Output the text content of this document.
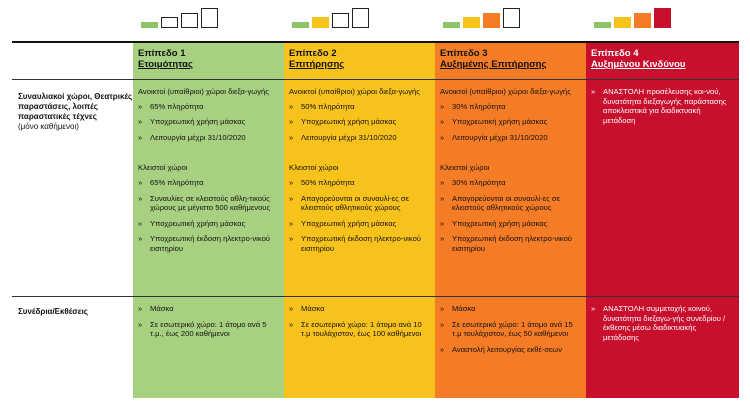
Επίπεδο 1
Ετοιμότητας
Επίπεδο 2
Επιτήρησης
Επίπεδο 3
Αυξημένης Επιτήρησης
Επίπεδο 4
Αυξημένου Κινδύνου
Συναυλιακοί χώροι, Θεατρικές παραστάσεις, λοιπές παραστατικές τέχνες
(μόνο καθήμενοι)

Ανοικτοί (υπαίθριοι) χώροι διεξα-γωγής

» 65% πληρότητα
» Υποχρεωτική χρήση μάσκας
» Λειτουργία μέχρι 31/10/2020

Κλειστοί χώροι

» 65% πληρότητα
» Συναυλίες σε κλειστούς αθλη-τικούς χώρους με μέγιστο 500 καθήμενους
» Υποχρεωτική χρήση μάσκας
» Υποχρεωτική έκδοση ηλεκτρο-νικού εισιτηρίου

Ανοικτοί (υπαίθριοι) χώροι διεξα-γωγής

» 50% πληρότητα
» Υποχρεωτική χρήση μάσκας
» Λειτουργία μέχρι 31/10/2020

Κλειστοί χώροι

» 50% πληρότητα
» Απαγορεύονται οι συναυλί-ες σε κλειστούς αθλητικούς χώρους
» Υποχρεωτική χρήση μάσκας
» Υποχρεωτική έκδοση ηλεκτρο-νικού εισιτηρίου

Ανοικτοί (υπαίθριοι) χώροι διεξα-γωγής

» 30% πληρότητα
» Υποχρεωτική χρήση μάσκας
» Λειτουργία μέχρι 31/10/2020

Κλειστοί χώροι

» 30% πληρότητα
» Απαγορεύονται οι συναυλί-ες σε κλειστούς αθλητικούς χώρους
» Υποχρεωτική χρήση μάσκας
» Υποχρεωτική έκδοση ηλεκτρο-νικού εισιτηρίου
» ΑΝΑΣΤΟΛΗ προσέλευσης κοι-νού, δυνατότητα διεξαγωγής παράστασης αποκλειστικά για διαδικτυακή μετάδοση
Συνέδρια/Εκθέσεις
»	Μάσκα
» Σε εσωτερικό χώρο: 1 άτομο ανά 5 τ.μ., έως 200 καθήμενοι
» Μάσκα
» Σε εσωτερικό χώρο: 1 άτομο ανά 10 τ.μ τουλάχιστον, έως 100 καθήμενοι
» Μάσκα
» Σε εσωτερικό χώρο: 1 άτομο ανά 15 τ.μ τουλάχιστον, έως 50 καθήμενοι
» Αναστολή λειτουργίας εκθέ-σεων
» ΑΝΑΣΤΟΛΗ συμμετοχής κοινού, δυνατότητα διεξαγω-γής συνεδρίου / έκθεσης μέσω διαδικτυακής μετάδοσης
